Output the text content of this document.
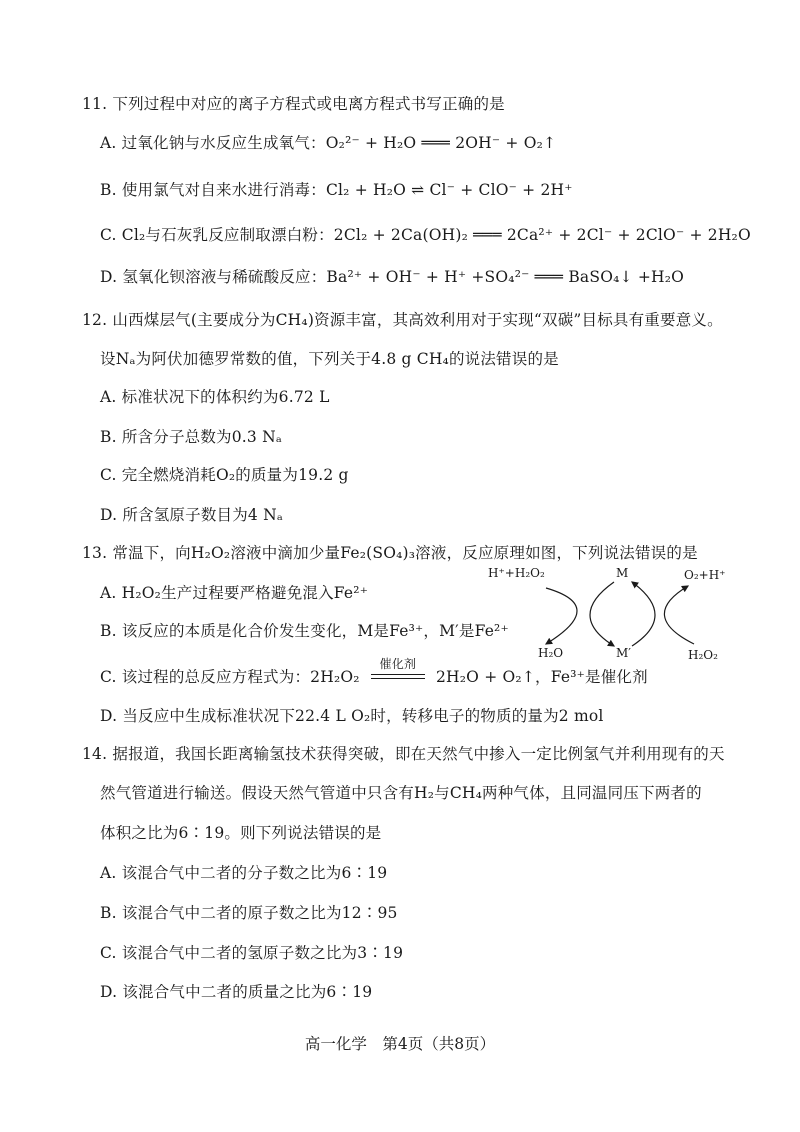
11. 下列过程中对应的离子方程式或电离方程式书写正确的是
A. 过氧化钠与水反应生成氧气：O₂²⁻ + H₂O ═══ 2OH⁻ + O₂↑
B. 使用氯气对自来水进行消毒：Cl₂ + H₂O ⇌ Cl⁻ + ClO⁻ + 2H⁺
C. Cl₂与石灰乳反应制取漂白粉：2Cl₂ + 2Ca(OH)₂ ═══ 2Ca²⁺ + 2Cl⁻ + 2ClO⁻ + 2H₂O
D. 氢氧化钡溶液与稀硫酸反应：Ba²⁺ + OH⁻ + H⁺ +SO₄²⁻ ═══ BaSO₄↓ +H₂O
12. 山西煤层气(主要成分为CH₄)资源丰富，其高效利用对于实现“双碳”目标具有重要意义。
设Nₐ为阿伏加德罗常数的值，下列关于4.8 g CH₄的说法错误的是
A. 标准状况下的体积约为6.72 L
B. 所含分子总数为0.3 Nₐ
C. 完全燃烧消耗O₂的质量为19.2 g
D. 所含氢原子数目为4 Nₐ
13. 常温下，向H₂O₂溶液中滴加少量Fe₂(SO₄)₃溶液，反应原理如图，下列说法错误的是
A. H₂O₂生产过程要严格避免混入Fe²⁺
B. 该反应的本质是化合价发生变化，M是Fe³⁺，M′是Fe²⁺
C. 该过程的总反应方程式为：2H₂O₂
催化剂
2H₂O + O₂↑，Fe³⁺是催化剂
D. 当反应中生成标准状况下22.4 L O₂时，转移电子的物质的量为2 mol
H⁺+H₂O₂	M	O₂+H⁺
H₂O	M′	H₂O₂
14. 据报道，我国长距离输氢技术获得突破，即在天然气中掺入一定比例氢气并利用现有的天
然气管道进行输送。假设天然气管道中只含有H₂与CH₄两种气体，且同温同压下两者的
体积之比为6∶19。则下列说法错误的是
A. 该混合气中二者的分子数之比为6∶19
B. 该混合气中二者的原子数之比为12∶95
C. 该混合气中二者的氢原子数之比为3∶19
D. 该混合气中二者的质量之比为6∶19
高一化学　第4页（共8页）
